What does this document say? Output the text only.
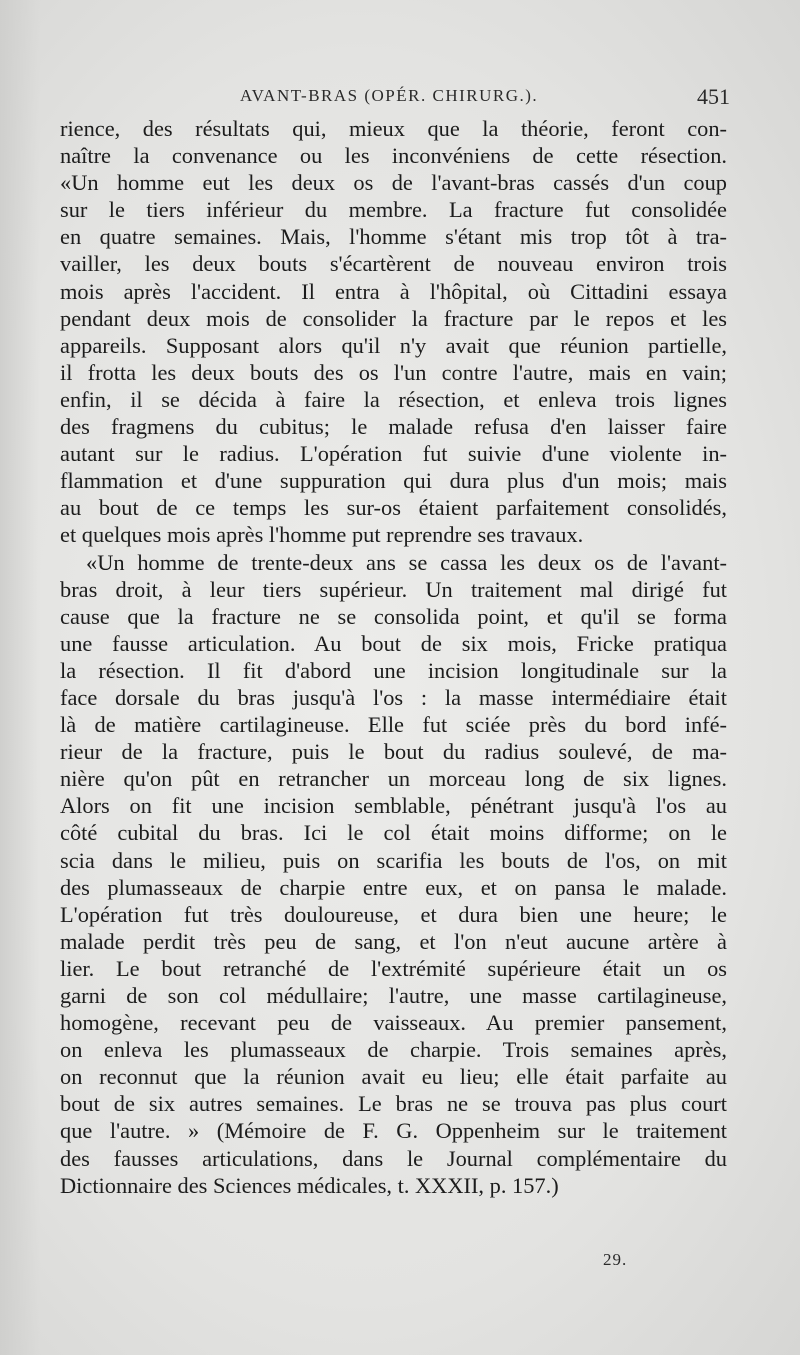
AVANT-BRAS (OPÉR. CHIRURG.).	451
rience, des résultats qui, mieux que la théorie, feront con-
naître la convenance ou les inconvéniens de cette résection.
«Un homme eut les deux os de l'avant-bras cassés d'un coup
sur le tiers inférieur du membre. La fracture fut consolidée
en quatre semaines. Mais, l'homme s'étant mis trop tôt à tra-
vailler, les deux bouts s'écartèrent de nouveau environ trois
mois après l'accident. Il entra à l'hôpital, où Cittadini essaya
pendant deux mois de consolider la fracture par le repos et les
appareils. Supposant alors qu'il n'y avait que réunion partielle,
il frotta les deux bouts des os l'un contre l'autre, mais en vain;
enfin, il se décida à faire la résection, et enleva trois lignes
des fragmens du cubitus; le malade refusa d'en laisser faire
autant sur le radius. L'opération fut suivie d'une violente in-
flammation et d'une suppuration qui dura plus d'un mois; mais
au bout de ce temps les sur-os étaient parfaitement consolidés,
et quelques mois après l'homme put reprendre ses travaux.
«Un homme de trente-deux ans se cassa les deux os de l'avant-
bras droit, à leur tiers supérieur. Un traitement mal dirigé fut
cause que la fracture ne se consolida point, et qu'il se forma
une fausse articulation. Au bout de six mois, Fricke pratiqua
la résection. Il fit d'abord une incision longitudinale sur la
face dorsale du bras jusqu'à l'os : la masse intermédiaire était
là de matière cartilagineuse. Elle fut sciée près du bord infé-
rieur de la fracture, puis le bout du radius soulevé, de ma-
nière qu'on pût en retrancher un morceau long de six lignes.
Alors on fit une incision semblable, pénétrant jusqu'à l'os au
côté cubital du bras. Ici le col était moins difforme; on le
scia dans le milieu, puis on scarifia les bouts de l'os, on mit
des plumasseaux de charpie entre eux, et on pansa le malade.
L'opération fut très douloureuse, et dura bien une heure; le
malade perdit très peu de sang, et l'on n'eut aucune artère à
lier. Le bout retranché de l'extrémité supérieure était un os
garni de son col médullaire; l'autre, une masse cartilagineuse,
homogène, recevant peu de vaisseaux. Au premier pansement,
on enleva les plumasseaux de charpie. Trois semaines après,
on reconnut que la réunion avait eu lieu; elle était parfaite au
bout de six autres semaines. Le bras ne se trouva pas plus court
que l'autre. » (Mémoire de F. G. Oppenheim sur le traitement
des fausses articulations, dans le Journal complémentaire du
Dictionnaire des Sciences médicales, t. XXXII, p. 157.)
29.
